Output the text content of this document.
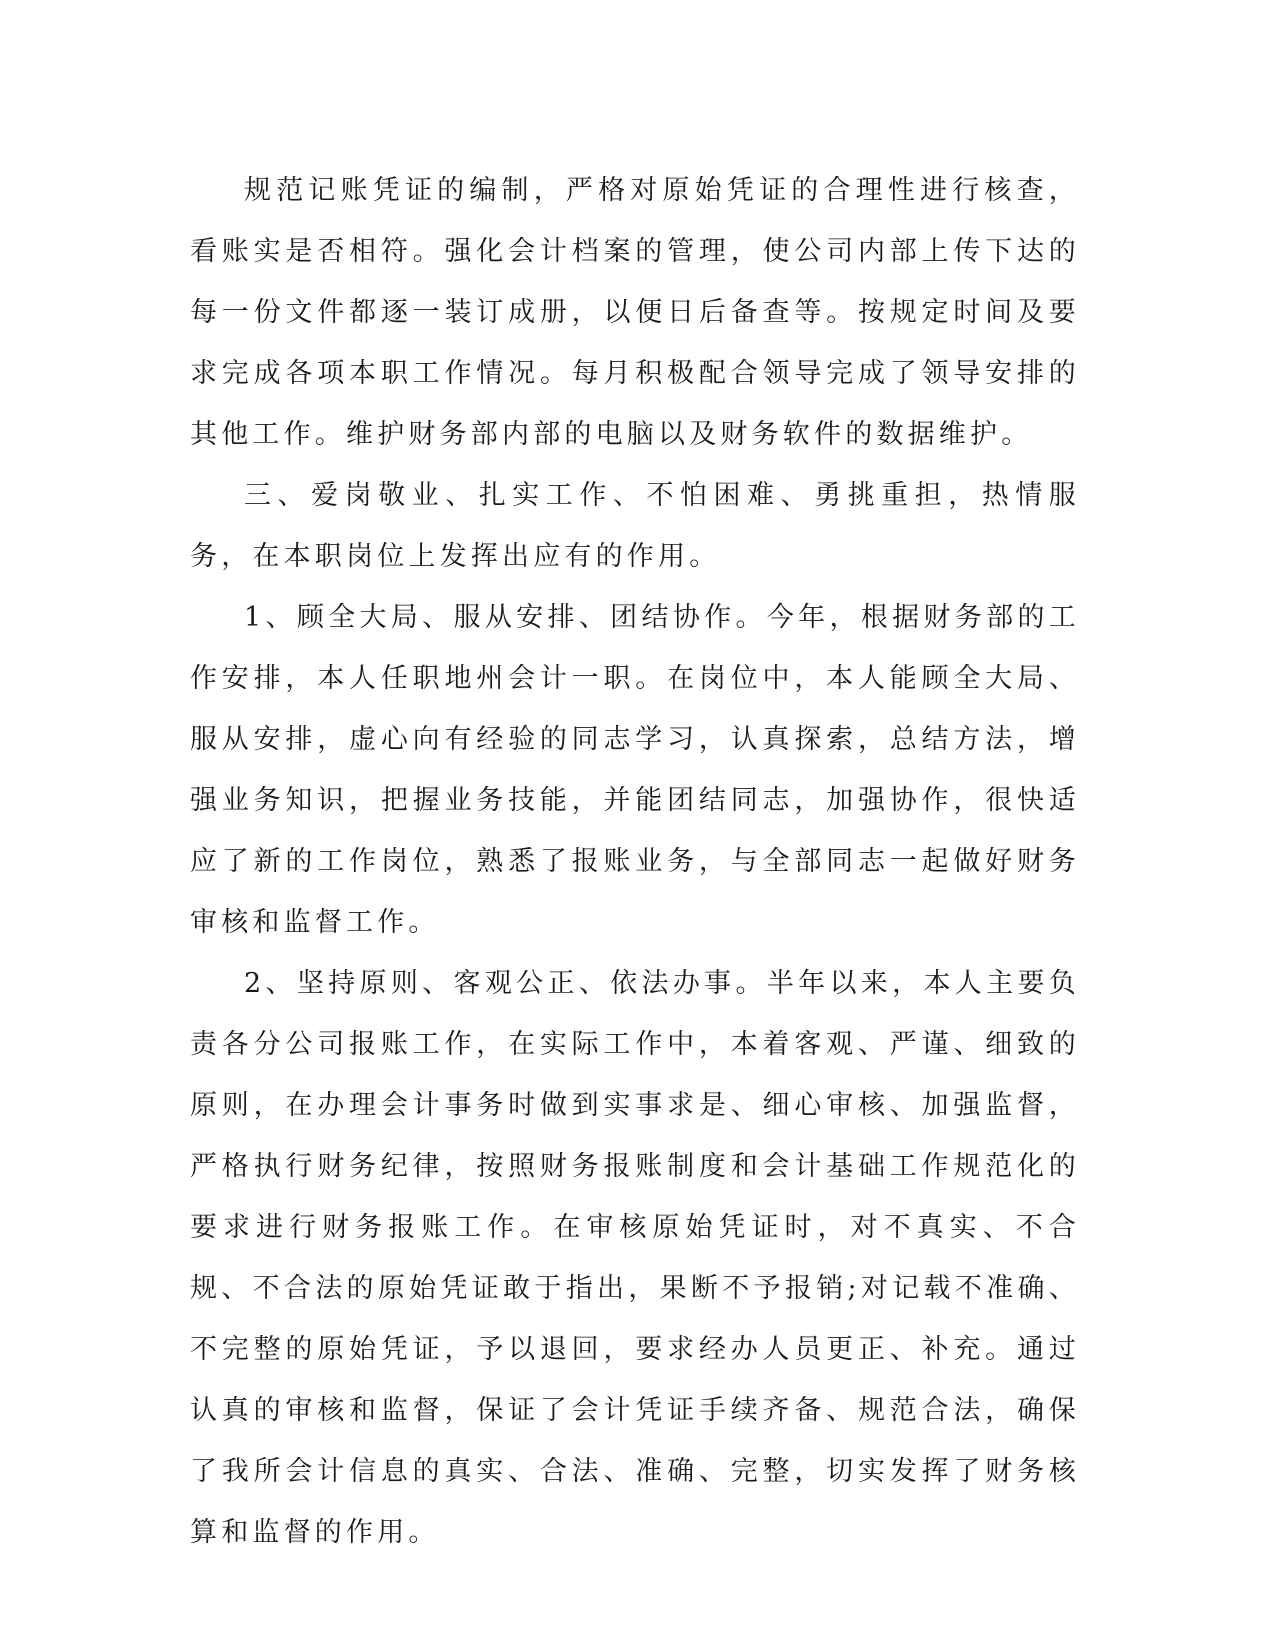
规范记账凭证的编制，严格对原始凭证的合理性进行核查，看账实是否相符。强化会计档案的管理，使公司内部上传下达的每一份文件都逐一装订成册，以便日后备查等。按规定时间及要求完成各项本职工作情况。每月积极配合领导完成了领导安排的其他工作。维护财务部内部的电脑以及财务软件的数据维护。

三、爱岗敬业、扎实工作、不怕困难、勇挑重担，热情服务，在本职岗位上发挥出应有的作用。

1、顾全大局、服从安排、团结协作。今年，根据财务部的工作安排，本人任职地州会计一职。在岗位中，本人能顾全大局、服从安排，虚心向有经验的同志学习，认真探索，总结方法，增强业务知识，把握业务技能，并能团结同志，加强协作，很快适应了新的工作岗位，熟悉了报账业务，与全部同志一起做好财务审核和监督工作。

2、坚持原则、客观公正、依法办事。半年以来，本人主要负责各分公司报账工作，在实际工作中，本着客观、严谨、细致的原则，在办理会计事务时做到实事求是、细心审核、加强监督，严格执行财务纪律，按照财务报账制度和会计基础工作规范化的要求进行财务报账工作。在审核原始凭证时，对不真实、不合规、不合法的原始凭证敢于指出，果断不予报销;对记载不准确、不完整的原始凭证，予以退回，要求经办人员更正、补充。通过认真的审核和监督，保证了会计凭证手续齐备、规范合法，确保了我所会计信息的真实、合法、准确、完整，切实发挥了财务核算和监督的作用。
